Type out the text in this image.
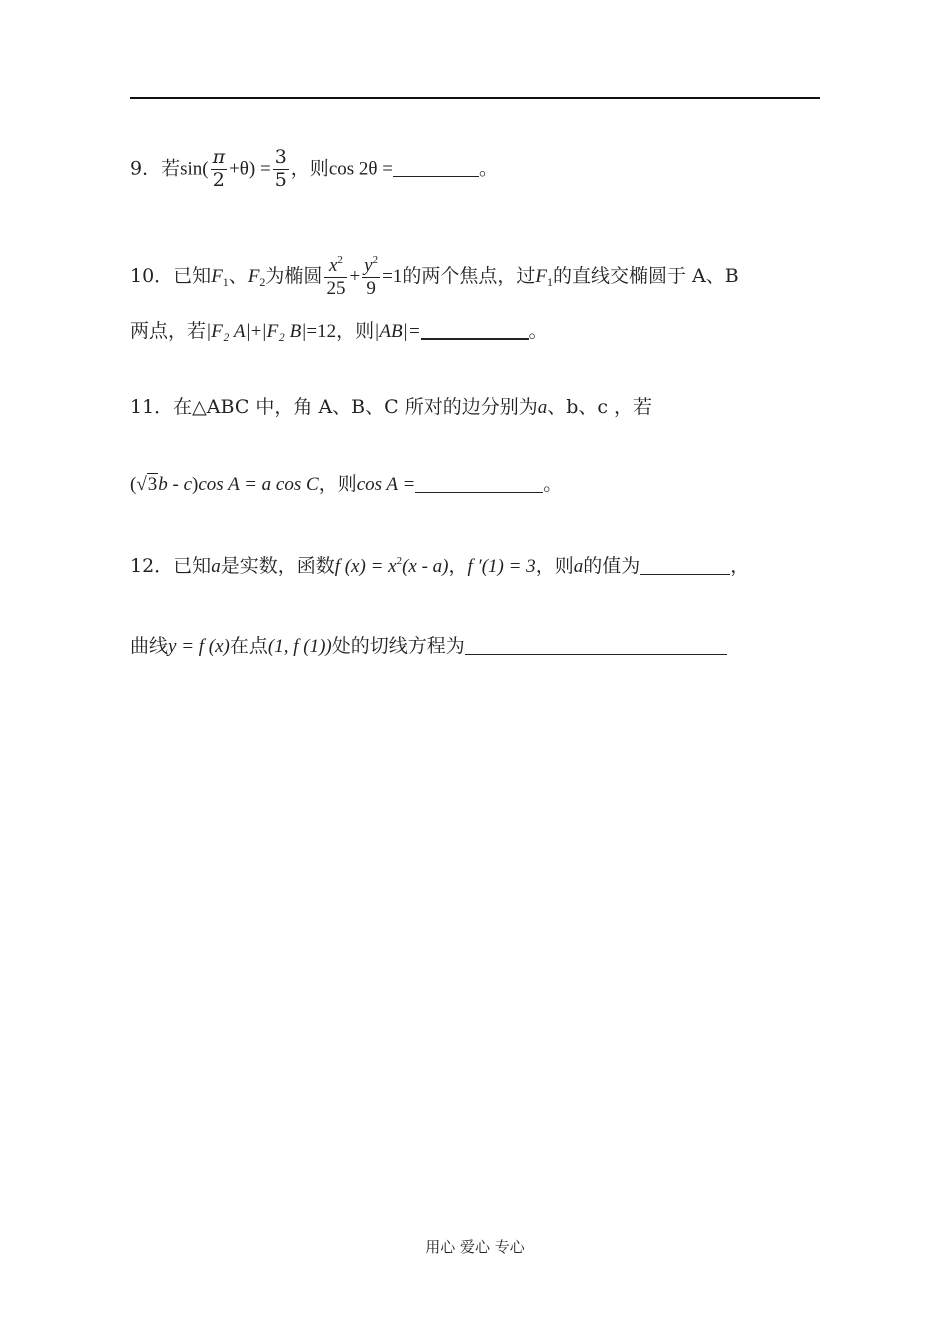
9．若$\sin( \frac{\pi}{2} +\theta) = \frac{3}{5}$ ，则cos 2θ =	。
10．已知$F_1$、$F_2$为椭圆 $\frac{x^2}{25} + \frac{y^2}{9} =1$的两个焦点，过$F_1$的直线交椭圆于 A、B
两点，若|F₂ A|+|F₂ B|=12，则|AB|=	。
11．在△ABC 中，角 A、B、C 所对的边分别为a、b、c ，若
(√3b - c)cos A = a cos C，则cos A =	。
12．已知a是实数，函数f $(x) = x^2(x - a)$，f ′(1) = 3，则a的值为	，
曲线y = f (x)在点(1, f (1))处的切线方程为
用心 爱心 专心
